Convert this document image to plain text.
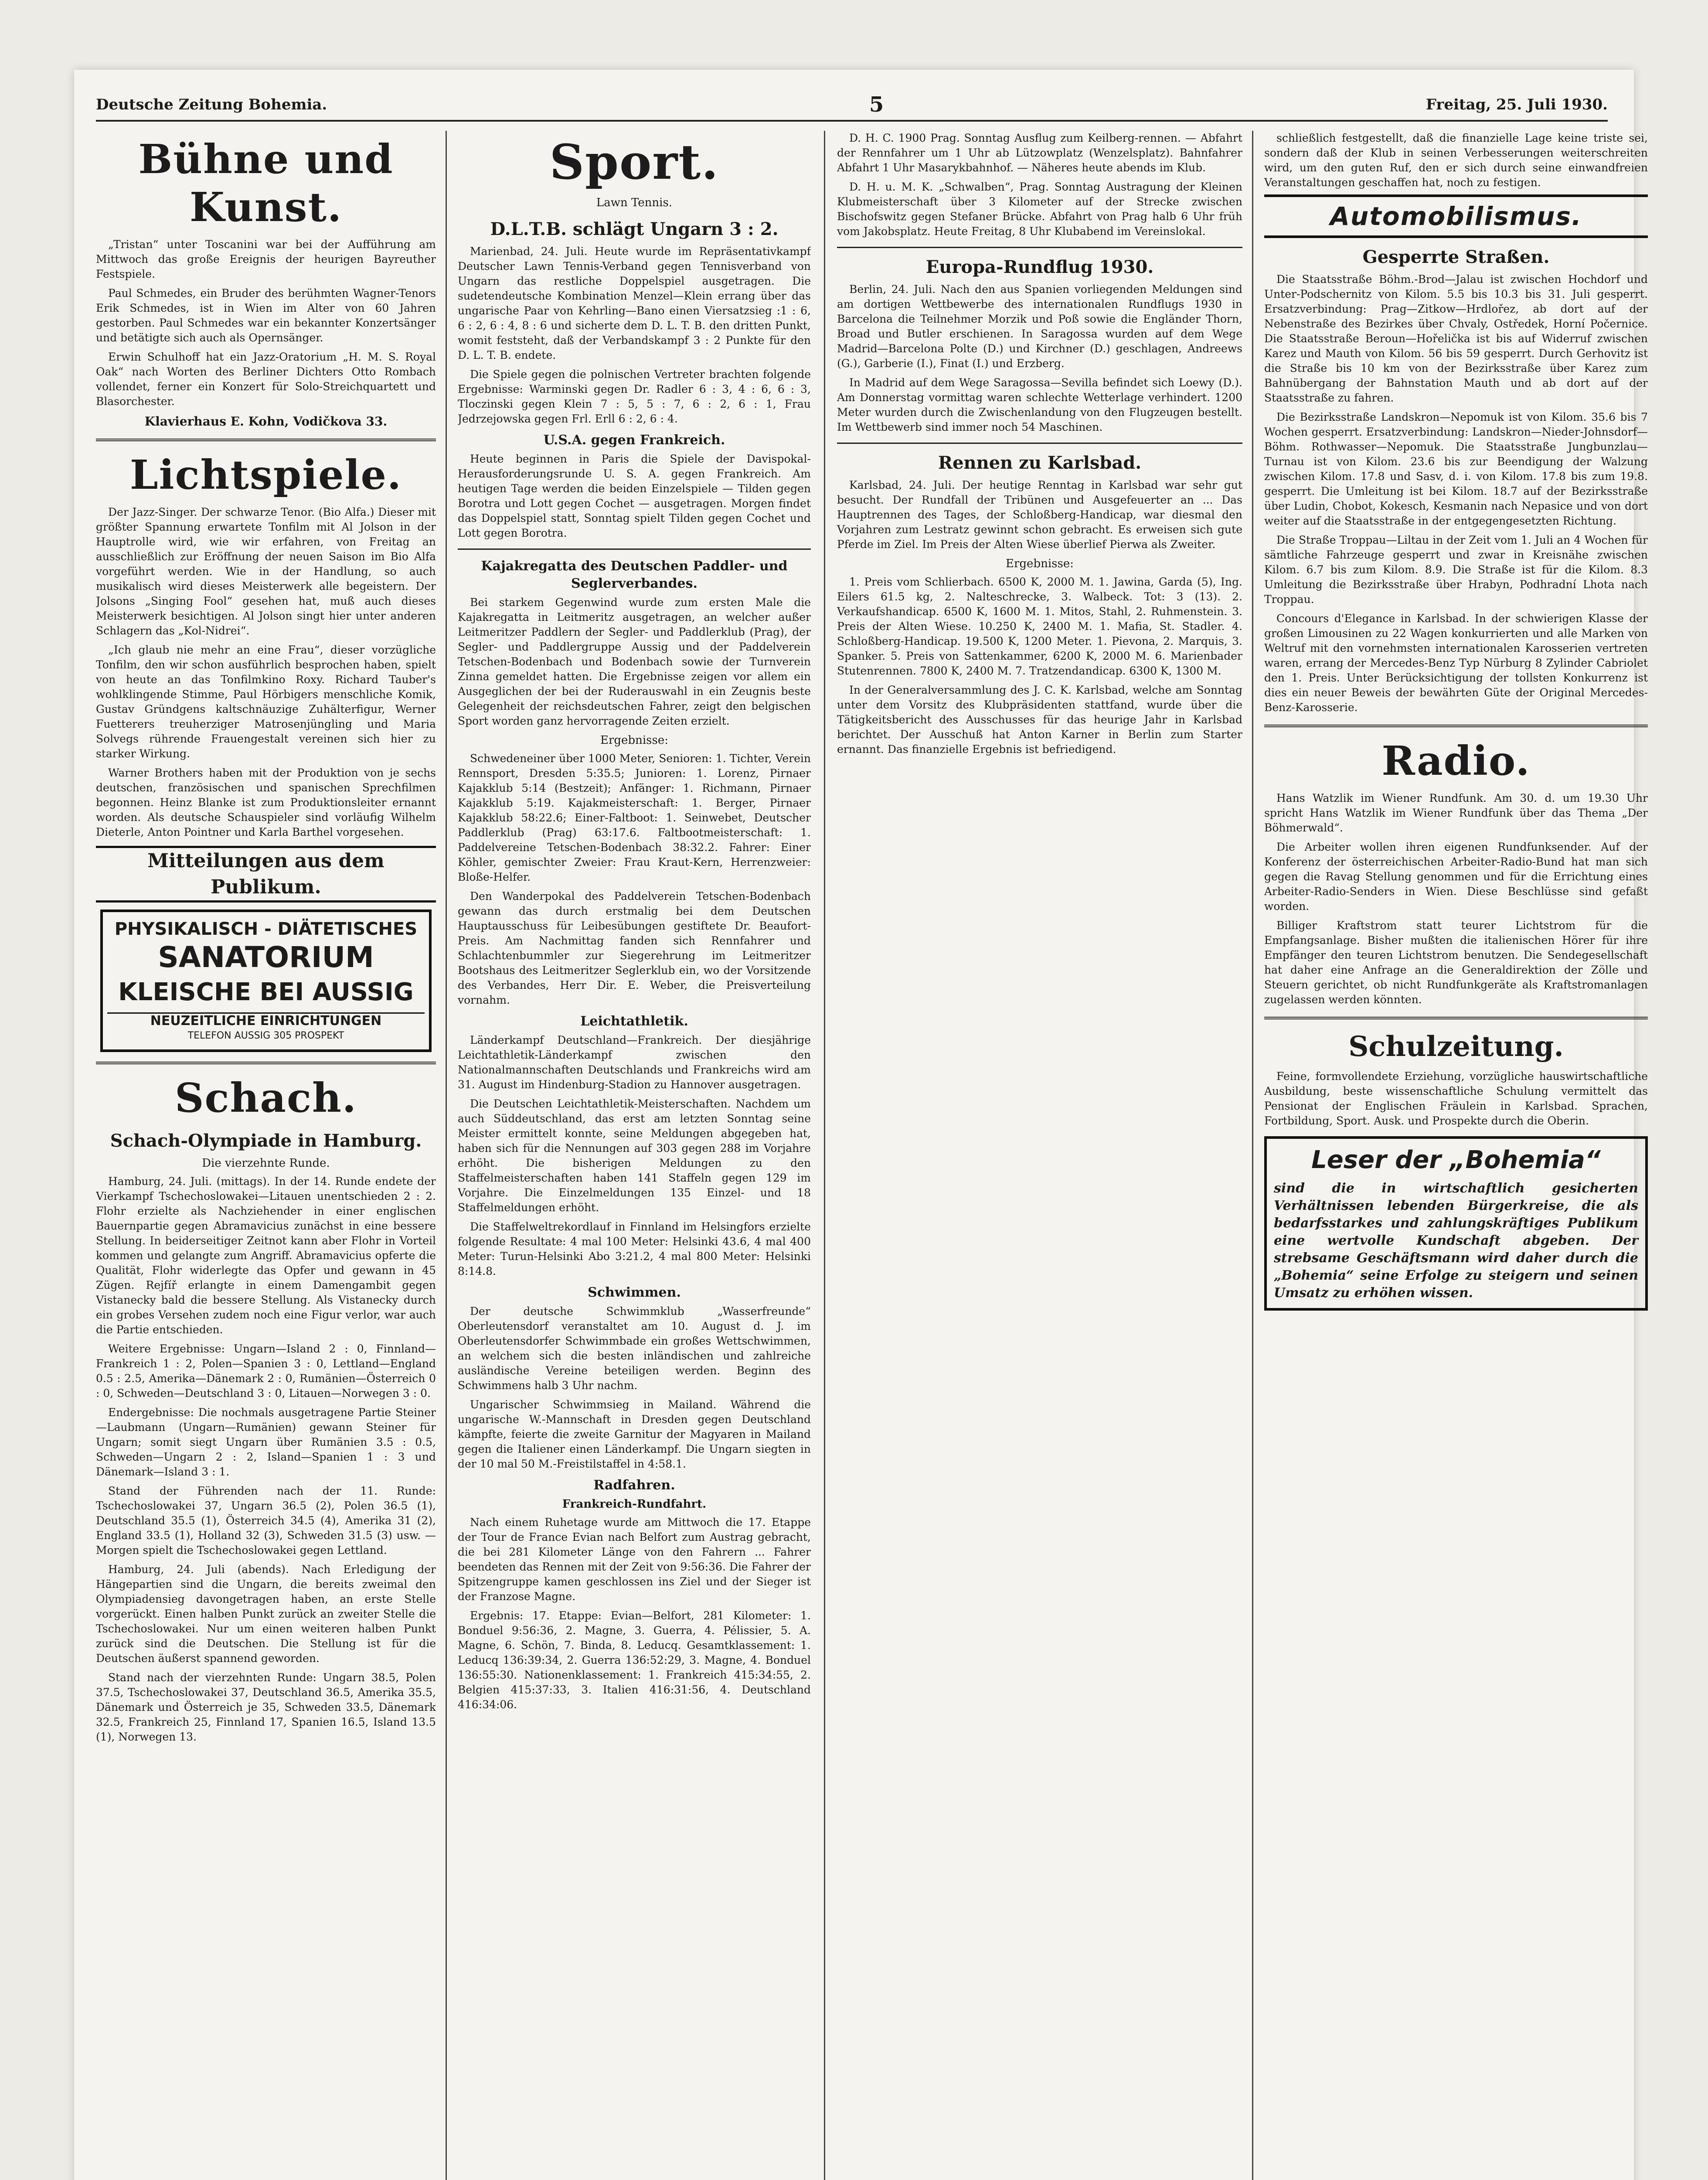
Deutsche Zeitung Bohemia.	5	Freitag, 25. Juli 1930.
Bühne und Kunst.

„Tristan“ unter Toscanini war bei der Aufführung am Mittwoch das große Ereignis der heurigen Bayreuther Festspiele.

Paul Schmedes, ein Bruder des berühmten Wagner-Tenors Erik Schmedes, ist in Wien im Alter von 60 Jahren gestorben. Paul Schmedes war ein bekannter Konzertsänger und betätigte sich auch als Opernsänger.

Erwin Schulhoff hat ein Jazz-Oratorium „H. M. S. Royal Oak“ nach Worten des Berliner Dichters Otto Rombach vollendet, ferner ein Konzert für Solo-Streichquartett und Blasorchester.

Klavierhaus E. Kohn, Vodičkova 33.
Lichtspiele.

Der Jazz-Singer. Der schwarze Tenor. (Bio Alfa.) Dieser mit größter Spannung erwartete Tonfilm mit Al Jolson in der Hauptrolle wird, wie wir erfahren, von Freitag an ausschließlich zur Eröffnung der neuen Saison im Bio Alfa vorgeführt werden. Wie in der Handlung, so auch musikalisch wird dieses Meisterwerk alle begeistern. Der Jolsons „Singing Fool“ gesehen hat, muß auch dieses Meisterwerk besichtigen. Al Jolson singt hier unter anderen Schlagern das „Kol-Nidrei“.

„Ich glaub nie mehr an eine Frau“, dieser vorzügliche Tonfilm, den wir schon ausführlich besprochen haben, spielt von heute an das Tonfilmkino Roxy. Richard Tauber's wohlklingende Stimme, Paul Hörbigers menschliche Komik, Gustav Gründgens kaltschnäuzige Zuhälterfigur, Werner Fuetterers treuherziger Matrosenjüngling und Maria Solvegs rührende Frauengestalt vereinen sich hier zu starker Wirkung.

Warner Brothers haben mit der Produktion von je sechs deutschen, französischen und spanischen Sprechfilmen begonnen. Heinz Blanke ist zum Produktionsleiter ernannt worden. Als deutsche Schauspieler sind vorläufig Wilhelm Dieterle, Anton Pointner und Karla Barthel vorgesehen.

Mitteilungen aus dem Publikum.
PHYSIKALISCH - DIÄTETISCHES
SANATORIUM
KLEISCHE BEI AUSSIG
NEUZEITLICHE EINRICHTUNGEN
TELEFON AUSSIG 305 PROSPEKT
Schach.
Schach-Olympiade in Hamburg.
Die vierzehnte Runde.

Hamburg, 24. Juli. (mittags). In der 14. Runde endete der Vierkampf Tschechoslowakei—Litauen unentschieden 2 : 2. Flohr erzielte als Nachziehender in einer englischen Bauernpartie gegen Abramavicius zunächst in eine bessere Stellung. In beiderseitiger Zeitnot kann aber Flohr in Vorteil kommen und gelangte zum Angriff. Abramavicius opferte die Qualität, Flohr widerlegte das Opfer und gewann in 45 Zügen. Rejfíř erlangte in einem Damengambit gegen Vistanecky bald die bessere Stellung. Als Vistanecky durch ein grobes Versehen zudem noch eine Figur verlor, war auch die Partie entschieden.

Weitere Ergebnisse: Ungarn—Island 2 : 0, Finnland—Frankreich 1 : 2, Polen—Spanien 3 : 0, Lettland—England 0.5 : 2.5, Amerika—Dänemark 2 : 0, Rumänien—Österreich 0 : 0, Schweden—Deutschland 3 : 0, Litauen—Norwegen 3 : 0.

Endergebnisse: Die nochmals ausgetragene Partie Steiner—Laubmann (Ungarn—Rumänien) gewann Steiner für Ungarn; somit siegt Ungarn über Rumänien 3.5 : 0.5, Schweden—Ungarn 2 : 2, Island—Spanien 1 : 3 und Dänemark—Island 3 : 1.

Stand der Führenden nach der 11. Runde: Tschechoslowakei 37, Ungarn 36.5 (2), Polen 36.5 (1), Deutschland 35.5 (1), Österreich 34.5 (4), Amerika 31 (2), England 33.5 (1), Holland 32 (3), Schweden 31.5 (3) usw. — Morgen spielt die Tschechoslowakei gegen Lettland.

Hamburg, 24. Juli (abends). Nach Erledigung der Hängepartien sind die Ungarn, die bereits zweimal den Olympiadensieg davongetragen haben, an erste Stelle vorgerückt. Einen halben Punkt zurück an zweiter Stelle die Tschechoslowakei. Nur um einen weiteren halben Punkt zurück sind die Deutschen. Die Stellung ist für die Deutschen äußerst spannend geworden.

Stand nach der vierzehnten Runde: Ungarn 38.5, Polen 37.5, Tschechoslowakei 37, Deutschland 36.5, Amerika 35.5, Dänemark und Österreich je 35, Schweden 33.5, Dänemark 32.5, Frankreich 25, Finnland 17, Spanien 16.5, Island 13.5 (1), Norwegen 13.

Sport.
Lawn Tennis.
D.L.T.B. schlägt Ungarn 3 : 2.

Marienbad, 24. Juli. Heute wurde im Repräsentativkampf Deutscher Lawn Tennis-Verband gegen Tennisverband von Ungarn das restliche Doppelspiel ausgetragen. Die sudetendeutsche Kombination Menzel—Klein errang über das ungarische Paar von Kehrling—Bano einen Viersatzsieg :1 : 6, 6 : 2, 6 : 4, 8 : 6 und sicherte dem D. L. T. B. den dritten Punkt, womit feststeht, daß der Verbandskampf 3 : 2 Punkte für den D. L. T. B. endete.

Die Spiele gegen die polnischen Vertreter brachten folgende Ergebnisse: Warminski gegen Dr. Radler 6 : 3, 4 : 6, 6 : 3, Tloczinski gegen Klein 7 : 5, 5 : 7, 6 : 2, 6 : 1, Frau Jedrzejowska gegen Frl. Erll 6 : 2, 6 : 4.

U.S.A. gegen Frankreich.

Heute beginnen in Paris die Spiele der Davispokal-Herausforderungsrunde U. S. A. gegen Frankreich. Am heutigen Tage werden die beiden Einzelspiele — Tilden gegen Borotra und Lott gegen Cochet — ausgetragen. Morgen findet das Doppelspiel statt, Sonntag spielt Tilden gegen Cochet und Lott gegen Borotra.

Kajakregatta des Deutschen Paddler- und Seglerverbandes.

Bei starkem Gegenwind wurde zum ersten Male die Kajakregatta in Leitmeritz ausgetragen, an welcher außer Leitmeritzer Paddlern der Segler- und Paddlerklub (Prag), der Segler- und Paddlergruppe Aussig und der Paddelverein Tetschen-Bodenbach und Bodenbach sowie der Turnverein Zinna gemeldet hatten. Die Ergebnisse zeigen vor allem ein Ausgeglichen der bei der Ruderauswahl in ein Zeugnis beste Gelegenheit der reichsdeutschen Fahrer, zeigt den belgischen Sport worden ganz hervorragende Zeiten erzielt.

Ergebnisse:

Schwedeneiner über 1000 Meter, Senioren: 1. Tichter, Verein Rennsport, Dresden 5:35.5; Junioren: 1. Lorenz, Pirnaer Kajakklub 5:14 (Bestzeit); Anfänger: 1. Richmann, Pirnaer Kajakklub 5:19. Kajakmeisterschaft: 1. Berger, Pirnaer Kajakklub 58:22.6; Einer-Faltboot: 1. Seinwebet, Deutscher Paddlerklub (Prag) 63:17.6. Faltbootmeisterschaft: 1. Paddelvereine Tetschen-Bodenbach 38:32.2. Fahrer: Einer Köhler, gemischter Zweier: Frau Kraut-Kern, Herrenzweier: Bloße-Helfer.

Den Wanderpokal des Paddelverein Tetschen-Bodenbach gewann das durch erstmalig bei dem Deutschen Hauptausschuss für Leibesübungen gestiftete Dr. Beaufort-Preis. Am Nachmittag fanden sich Rennfahrer und Schlachtenbummler zur Siegerehrung im Leitmeritzer Bootshaus des Leitmeritzer Seglerklub ein, wo der Vorsitzende des Verbandes, Herr Dir. E. Weber, die Preisverteilung vornahm.

Leichtathletik.

Länderkampf Deutschland—Frankreich. Der diesjährige Leichtathletik-Länderkampf zwischen den Nationalmannschaften Deutschlands und Frankreichs wird am 31. August im Hindenburg-Stadion zu Hannover ausgetragen.

Die Deutschen Leichtathletik-Meisterschaften. Nachdem um auch Süddeutschland, das erst am letzten Sonntag seine Meister ermittelt konnte, seine Meldungen abgegeben hat, haben sich für die Nennungen auf 303 gegen 288 im Vorjahre erhöht. Die bisherigen Meldungen zu den Staffelmeisterschaften haben 141 Staffeln gegen 129 im Vorjahre. Die Einzelmeldungen 135 Einzel- und 18 Staffelmeldungen erhöht.

Die Staffelweltrekordlauf in Finnland im Helsingfors erzielte folgende Resultate: 4 mal 100 Meter: Helsinki 43.6, 4 mal 400 Meter: Turun-Helsinki Abo 3:21.2, 4 mal 800 Meter: Helsinki 8:14.8.

Schwimmen.

Der deutsche Schwimmklub „Wasserfreunde“ Oberleutensdorf veranstaltet am 10. August d. J. im Oberleutensdorfer Schwimmbade ein großes Wettschwimmen, an welchem sich die besten inländischen und zahlreiche ausländische Vereine beteiligen werden. Beginn des Schwimmens halb 3 Uhr nachm.

Ungarischer Schwimmsieg in Mailand. Während die ungarische W.-Mannschaft in Dresden gegen Deutschland kämpfte, feierte die zweite Garnitur der Magyaren in Mailand gegen die Italiener einen Länderkampf. Die Ungarn siegten in der 10 mal 50 M.-Freistilstaffel in 4:58.1.

Radfahren.
Frankreich-Rundfahrt.

Nach einem Ruhetage wurde am Mittwoch die 17. Etappe der Tour de France Evian nach Belfort zum Austrag gebracht, die bei 281 Kilometer Länge von den Fahrern ... Fahrer beendeten das Rennen mit der Zeit von 9:56:36. Die Fahrer der Spitzengruppe kamen geschlossen ins Ziel und der Sieger ist der Franzose Magne.

Ergebnis: 17. Etappe: Evian—Belfort, 281 Kilometer: 1. Bonduel 9:56:36, 2. Magne, 3. Guerra, 4. Pélissier, 5. A. Magne, 6. Schön, 7. Binda, 8. Leducq. Gesamtklassement: 1. Leducq 136:39:34, 2. Guerra 136:52:29, 3. Magne, 4. Bonduel 136:55:30. Nationenklassement: 1. Frankreich 415:34:55, 2. Belgien 415:37:33, 3. Italien 416:31:56, 4. Deutschland 416:34:06.

D. H. C. 1900 Prag. Sonntag Ausflug zum Keilberg-rennen. — Abfahrt der Rennfahrer um 1 Uhr ab Lützowplatz (Wenzelsplatz). Bahnfahrer Abfahrt 1 Uhr Masarykbahnhof. — Näheres heute abends im Klub.

D. H. u. M. K. „Schwalben“, Prag. Sonntag Austragung der Kleinen Klubmeisterschaft über 3 Kilometer auf der Strecke zwischen Bischofswitz gegen Stefaner Brücke. Abfahrt von Prag halb 6 Uhr früh vom Jakobsplatz. Heute Freitag, 8 Uhr Klubabend im Vereinslokal.

Europa-Rundflug 1930.

Berlin, 24. Juli. Nach den aus Spanien vorliegenden Meldungen sind am dortigen Wettbewerbe des internationalen Rundflugs 1930 in Barcelona die Teilnehmer Morzik und Poß sowie die Engländer Thorn, Broad und Butler erschienen. In Saragossa wurden auf dem Wege Madrid—Barcelona Polte (D.) und Kirchner (D.) geschlagen, Andreews (G.), Garberie (I.), Finat (I.) und Erzberg.

In Madrid auf dem Wege Saragossa—Sevilla befindet sich Loewy (D.). Am Donnerstag vormittag waren schlechte Wetterlage verhindert. 1200 Meter wurden durch die Zwischenlandung von den Flugzeugen bestellt. Im Wettbewerb sind immer noch 54 Maschinen.

Rennen zu Karlsbad.

Karlsbad, 24. Juli. Der heutige Renntag in Karlsbad war sehr gut besucht. Der Rundfall der Tribünen und Ausgefeuerter an ... Das Hauptrennen des Tages, der Schloßberg-Handicap, war diesmal den Vorjahren zum Lestratz gewinnt schon gebracht. Es erweisen sich gute Pferde im Ziel. Im Preis der Alten Wiese überlief Pierwa als Zweiter.

Ergebnisse:

1. Preis vom Schlierbach. 6500 K, 2000 M. 1. Jawina, Garda (5), Ing. Eilers 61.5 kg, 2. Nalteschrecke, 3. Walbeck. Tot: 3 (13). 2. Verkaufshandicap. 6500 K, 1600 M. 1. Mitos, Stahl, 2. Ruhmenstein. 3. Preis der Alten Wiese. 10.250 K, 2400 M. 1. Mafia, St. Stadler. 4. Schloßberg-Handicap. 19.500 K, 1200 Meter. 1. Pievona, 2. Marquis, 3. Spanker. 5. Preis von Sattenkammer, 6200 K, 2000 M. 6. Marienbader Stutenrennen. 7800 K, 2400 M. 7. Tratzendandicap. 6300 K, 1300 M.

In der Generalversammlung des J. C. K. Karlsbad, welche am Sonntag unter dem Vorsitz des Klubpräsidenten stattfand, wurde über die Tätigkeitsbericht des Ausschusses für das heurige Jahr in Karlsbad berichtet. Der Ausschuß hat Anton Karner in Berlin zum Starter ernannt. Das finanzielle Ergebnis ist befriedigend.

schließlich festgestellt, daß die finanzielle Lage keine triste sei, sondern daß der Klub in seinen Verbesserungen weiterschreiten wird, um den guten Ruf, den er sich durch seine einwandfreien Veranstaltungen geschaffen hat, noch zu festigen.

Automobilismus.
Gesperrte Straßen.

Die Staatsstraße Böhm.-Brod—Jalau ist zwischen Hochdorf und Unter-Podschernitz von Kilom. 5.5 bis 10.3 bis 31. Juli gesperrt. Ersatzverbindung: Prag—Zitkow—Hrdlořez, ab dort auf der Nebenstraße des Bezirkes über Chvaly, Ostředek, Horní Počernice. Die Staatsstraße Beroun—Hořelička ist bis auf Widerruf zwischen Karez und Mauth von Kilom. 56 bis 59 gesperrt. Durch Gerhovitz ist die Straße bis 10 km von der Bezirksstraße über Karez zum Bahnübergang der Bahnstation Mauth und ab dort auf der Staatsstraße zu fahren.

Die Bezirksstraße Landskron—Nepomuk ist von Kilom. 35.6 bis 7 Wochen gesperrt. Ersatzverbindung: Landskron—Nieder-Johnsdorf—Böhm. Rothwasser—Nepomuk. Die Staatsstraße Jungbunzlau—Turnau ist von Kilom. 23.6 bis zur Beendigung der Walzung zwischen Kilom. 17.8 und Sasv, d. i. von Kilom. 17.8 bis zum 19.8. gesperrt. Die Umleitung ist bei Kilom. 18.7 auf der Bezirksstraße über Ludin, Chobot, Kokesch, Kesmanin nach Nepasice und von dort weiter auf die Staatsstraße in der entgegengesetzten Richtung.

Die Straße Troppau—Liltau in der Zeit vom 1. Juli an 4 Wochen für sämtliche Fahrzeuge gesperrt und zwar in Kreisnähe zwischen Kilom. 6.7 bis zum Kilom. 8.9. Die Straße ist für die Kilom. 8.3 Umleitung die Bezirksstraße über Hrabyn, Podhradní Lhota nach Troppau.

Concours d'Elegance in Karlsbad. In der schwierigen Klasse der großen Limousinen zu 22 Wagen konkurrierten und alle Marken von Weltruf mit den vornehmsten internationalen Karosserien vertreten waren, errang der Mercedes-Benz Typ Nürburg 8 Zylinder Cabriolet den 1. Preis. Unter Berücksichtigung der tollsten Konkurrenz ist dies ein neuer Beweis der bewährten Güte der Original Mercedes-Benz-Karosserie.

Radio.

Hans Watzlik im Wiener Rundfunk. Am 30. d. um 19.30 Uhr spricht Hans Watzlik im Wiener Rundfunk über das Thema „Der Böhmerwald“.

Die Arbeiter wollen ihren eigenen Rundfunksender. Auf der Konferenz der österreichischen Arbeiter-Radio-Bund hat man sich gegen die Ravag Stellung genommen und für die Errichtung eines Arbeiter-Radio-Senders in Wien. Diese Beschlüsse sind gefaßt worden.

Billiger Kraftstrom statt teurer Lichtstrom für die Empfangsanlage. Bisher mußten die italienischen Hörer für ihre Empfänger den teuren Lichtstrom benutzen. Die Sendegesellschaft hat daher eine Anfrage an die Generaldirektion der Zölle und Steuern gerichtet, ob nicht Rundfunkgeräte als Kraftstromanlagen zugelassen werden könnten.

Schulzeitung.

Feine, formvollendete Erziehung, vorzügliche hauswirtschaftliche Ausbildung, beste wissenschaftliche Schulung vermittelt das Pensionat der Englischen Fräulein in Karlsbad. Sprachen, Fortbildung, Sport. Ausk. und Prospekte durch die Oberin.

Leser der „Bohemia“
sind die in wirtschaftlich gesicherten Verhältnissen lebenden Bürgerkreise, die als bedarfsstarkes und zahlungskräftiges Publikum eine wertvolle Kundschaft abgeben. Der strebsame Geschäftsmann wird daher durch die „Bohemia“ seine Erfolge zu steigern und seinen Umsatz zu erhöhen wissen.
